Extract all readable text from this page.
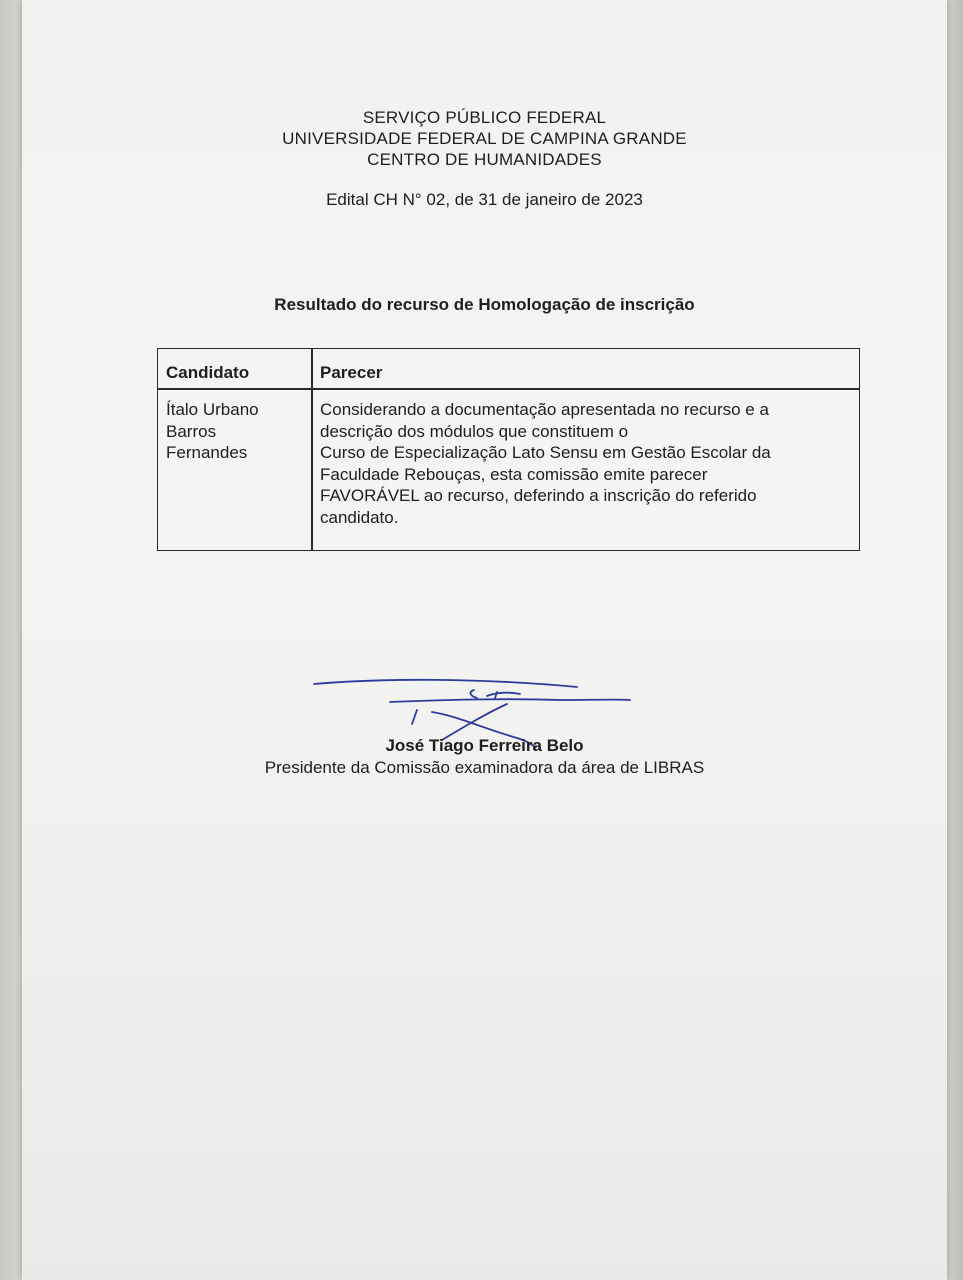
SERVIÇO PÚBLICO FEDERAL
UNIVERSIDADE FEDERAL DE CAMPINA GRANDE
CENTRO DE HUMANIDADES
Edital CH N° 02, de 31 de janeiro de 2023
Resultado do recurso de Homologação de inscrição
Candidato	Parecer
Ítalo Urbano
Barros
Fernandes
Considerando a documentação apresentada no recurso e a
descrição dos módulos que constituem o
Curso de Especialização Lato Sensu em Gestão Escolar da
Faculdade Rebouças, esta comissão emite parecer
FAVORÁVEL ao recurso, deferindo a inscrição do referido
candidato.
José Tiago Ferreira Belo
Presidente da Comissão examinadora da área de LIBRAS
